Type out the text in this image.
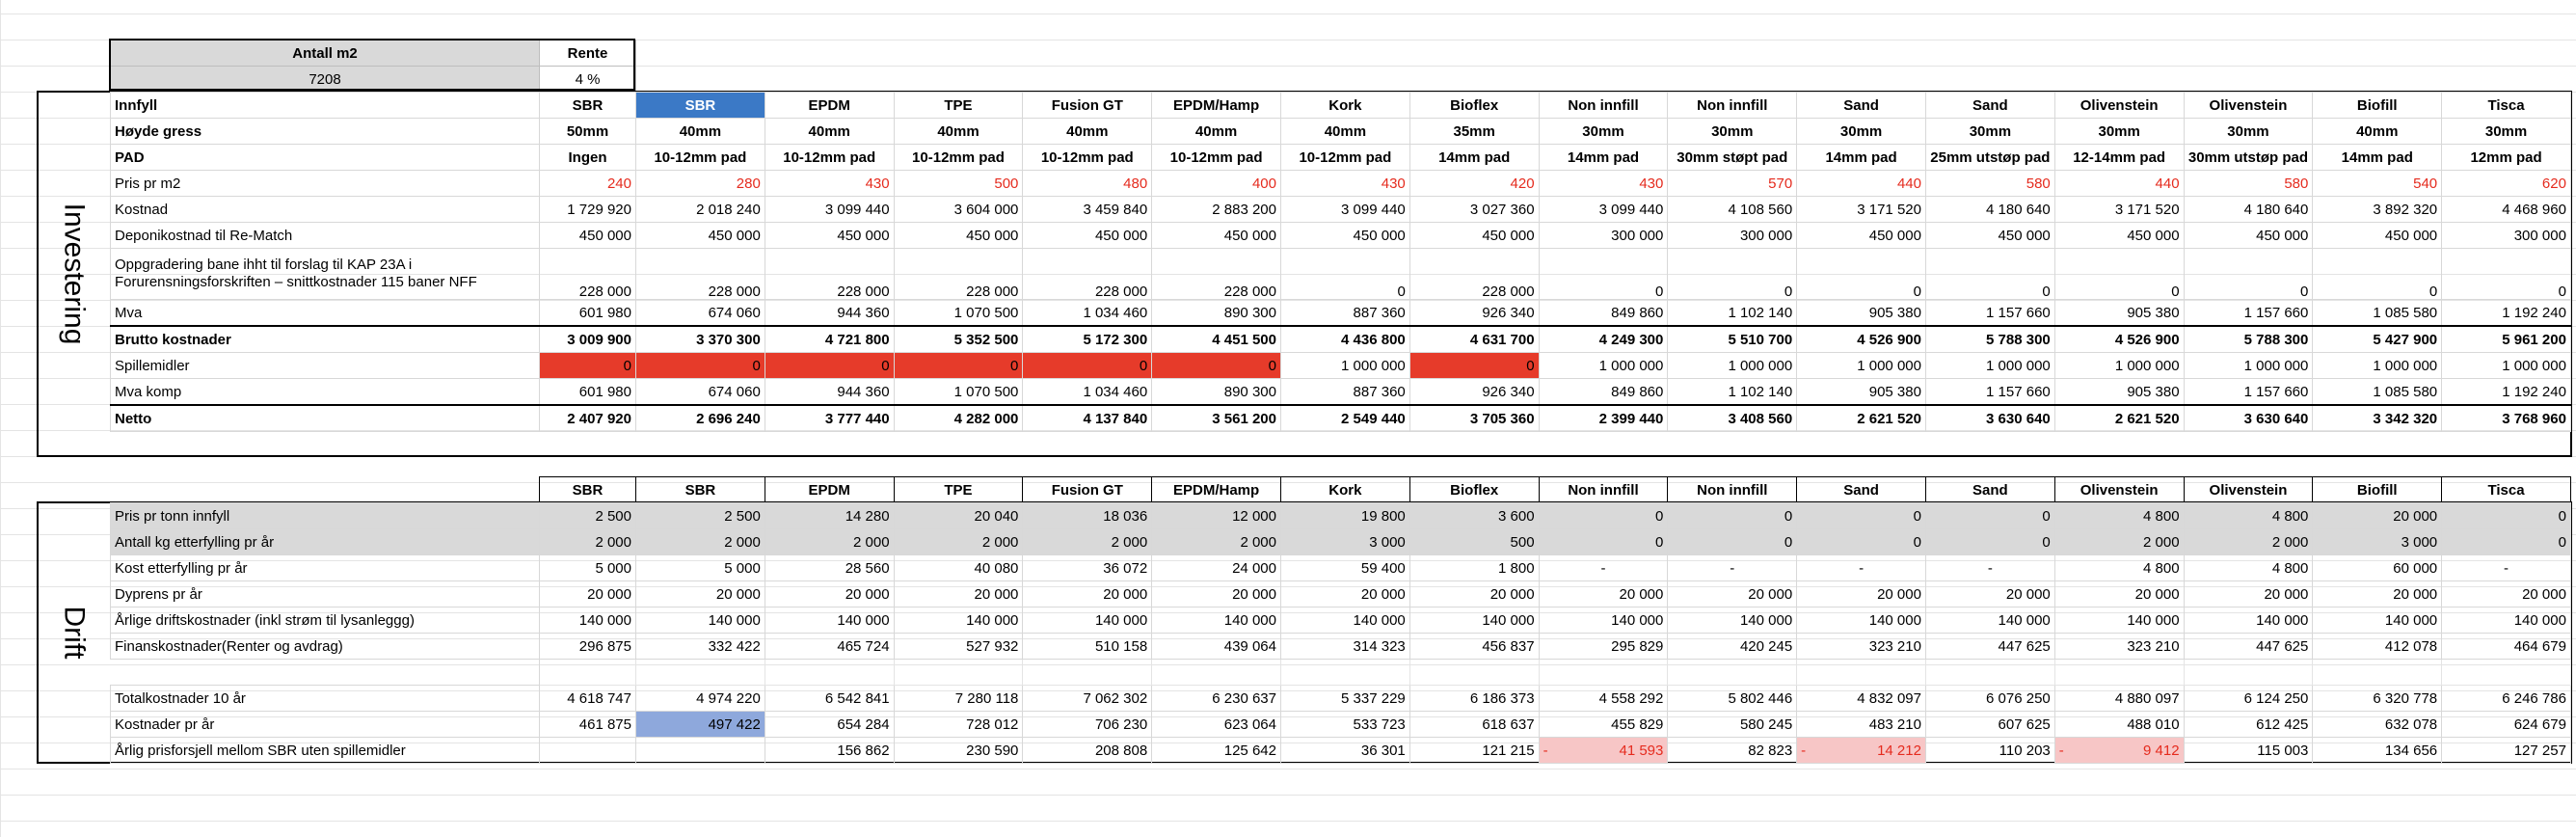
Antall m2	Rente
7208	4 %
Investering
Innfyll	SBR	SBR	EPDM	TPE	Fusion GT	EPDM/Hamp	Kork	Bioflex	Non innfill	Non innfill	Sand	Sand	Olivenstein	Olivenstein	Biofill	Tisca
Høyde gress	50mm	40mm	40mm	40mm	40mm	40mm	40mm	35mm	30mm	30mm	30mm	30mm	30mm	30mm	40mm	30mm
PAD	Ingen	10-12mm pad	10-12mm pad	10-12mm pad	10-12mm pad	10-12mm pad	10-12mm pad	14mm pad	14mm pad	30mm støpt pad	14mm pad	25mm utstøp pad	12-14mm pad	30mm utstøp pad	14mm pad	12mm pad
Pris pr m2	240	280	430	500	480	400	430	420	430	570	440	580	440	580	540	620
Kostnad	1 729 920	2 018 240	3 099 440	3 604 000	3 459 840	2 883 200	3 099 440	3 027 360	3 099 440	4 108 560	3 171 520	4 180 640	3 171 520	4 180 640	3 892 320	4 468 960
Deponikostnad til Re-Match	450 000	450 000	450 000	450 000	450 000	450 000	450 000	450 000	300 000	300 000	450 000	450 000	450 000	450 000	450 000	300 000

Oppgradering bane ihht til forslag til KAP 23A i
Forurensningsforskriften – snittkostnader 115 baner NFF	228 000	228 000	228 000	228 000	228 000	228 000	0	228 000	0	0	0	0	0	0	0	0
Mva	601 980	674 060	944 360	1 070 500	1 034 460	890 300	887 360	926 340	849 860	1 102 140	905 380	1 157 660	905 380	1 157 660	1 085 580	1 192 240
Brutto kostnader	3 009 900	3 370 300	4 721 800	5 352 500	5 172 300	4 451 500	4 436 800	4 631 700	4 249 300	5 510 700	4 526 900	5 788 300	4 526 900	5 788 300	5 427 900	5 961 200
Spillemidler	0	0	0	0	0	0	1 000 000	0	1 000 000	1 000 000	1 000 000	1 000 000	1 000 000	1 000 000	1 000 000	1 000 000
Mva komp	601 980	674 060	944 360	1 070 500	1 034 460	890 300	887 360	926 340	849 860	1 102 140	905 380	1 157 660	905 380	1 157 660	1 085 580	1 192 240
Netto	2 407 920	2 696 240	3 777 440	4 282 000	4 137 840	3 561 200	2 549 440	3 705 360	2 399 440	3 408 560	2 621 520	3 630 640	2 621 520	3 630 640	3 342 320	3 768 960
SBR	SBR	EPDM	TPE	Fusion GT	EPDM/Hamp	Kork	Bioflex	Non innfill	Non innfill	Sand	Sand	Olivenstein	Olivenstein	Biofill	Tisca
Drift
Pris pr tonn innfyll	2 500	2 500	14 280	20 040	18 036	12 000	19 800	3 600	0	0	0	0	4 800	4 800	20 000	0
Antall kg etterfylling pr år	2 000	2 000	2 000	2 000	2 000	2 000	3 000	500	0	0	0	0	2 000	2 000	3 000	0
Kost etterfylling pr år	5 000	5 000	28 560	40 080	36 072	24 000	59 400	1 800	-	-	-	-	4 800	4 800	60 000	-
Dyprens pr år	20 000	20 000	20 000	20 000	20 000	20 000	20 000	20 000	20 000	20 000	20 000	20 000	20 000	20 000	20 000	20 000
Årlige driftskostnader (inkl strøm til lysanleggg)	140 000	140 000	140 000	140 000	140 000	140 000	140 000	140 000	140 000	140 000	140 000	140 000	140 000	140 000	140 000	140 000
Finanskostnader(Renter og avdrag)	296 875	332 422	465 724	527 932	510 158	439 064	314 323	456 837	295 829	420 245	323 210	447 625	323 210	447 625	412 078	464 679

Totalkostnader 10 år	4 618 747	4 974 220	6 542 841	7 280 118	7 062 302	6 230 637	5 337 229	6 186 373	4 558 292	5 802 446	4 832 097	6 076 250	4 880 097	6 124 250	6 320 778	6 246 786
Kostnader pr år	461 875	497 422	654 284	728 012	706 230	623 064	533 723	618 637	455 829	580 245	483 210	607 625	488 010	612 425	632 078	624 679
Årlig prisforsjell mellom SBR uten spillemidler			156 862	230 590	208 808	125 642	36 301	121 215	- 41 593	82 823	- 14 212	110 203	- 9 412	115 003	134 656	127 257
